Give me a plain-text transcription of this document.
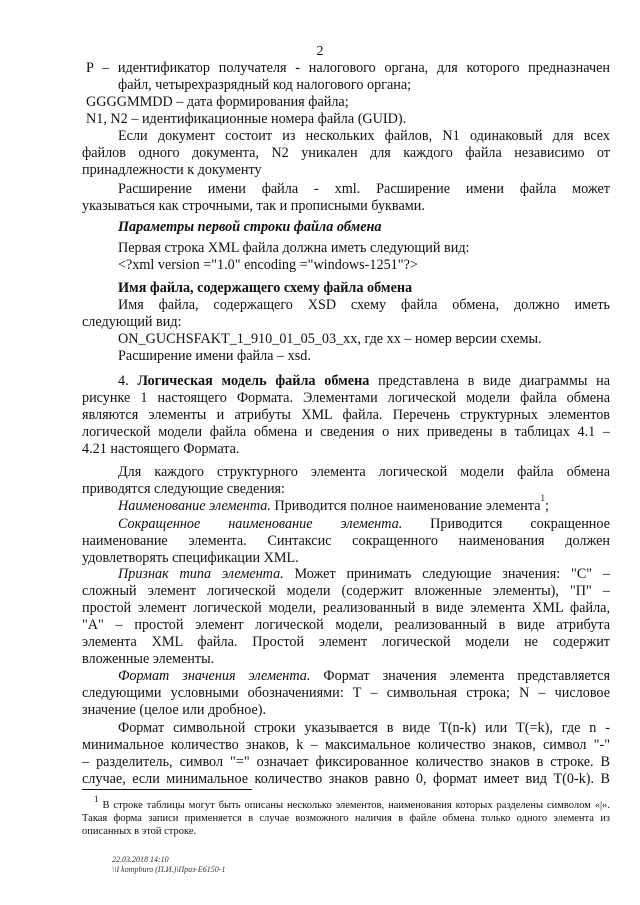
2
P – идентификатор получателя - налогового органа, для которого предназначен
файл, четырехразрядный код налогового органа;
GGGGMMDD – дата формирования файла;
N1, N2 – идентификационные номера файла (GUID).
Если документ состоит из нескольких файлов, N1 одинаковый для всех
файлов одного документа, N2 уникален для каждого файла независимо от
принадлежности к документу
Расширение имени файла - xml. Расширение имени файла может
указываться как строчными, так и прописными буквами.
Параметры первой строки файла обмена
Первая строка XML файла должна иметь следующий вид:
<?xml version ="1.0" encoding ="windows-1251"?>
Имя файла, содержащего схему файла обмена
Имя файла, содержащего XSD схему файла обмена, должно иметь
следующий вид:
ON_GUCHSFAKT_1_910_01_05_03_xx, где хх – номер версии схемы.
Расширение имени файла – xsd.
4. Логическая модель файла обмена представлена в виде диаграммы на
рисунке 1 настоящего Формата. Элементами логической модели файла обмена
являются элементы и атрибуты XML файла. Перечень структурных элементов
логической модели файла обмена и сведения о них приведены в таблицах 4.1 –
4.21 настоящего Формата.
Для каждого структурного элемента логической модели файла обмена
приводятся следующие сведения:
Наименование элемента. Приводится полное наименование элемента$^1$;
Сокращенное наименование элемента. Приводится сокращенное
наименование элемента. Синтаксис сокращенного наименования должен
удовлетворять спецификации XML.
Признак типа элемента. Может принимать следующие значения: "С" –
сложный элемент логической модели (содержит вложенные элементы), "П" –
простой элемент логической модели, реализованный в виде элемента XML файла,
"А" – простой элемент логической модели, реализованный в виде атрибута
элемента XML файла. Простой элемент логической модели не содержит
вложенные элементы.
Формат значения элемента. Формат значения элемента представляется
следующими условными обозначениями: Т – символьная строка; N – числовое
значение (целое или дробное).
Формат символьной строки указывается в виде Т(n-k) или Т(=k), где n -
минимальное количество знаков, k – максимальное количество знаков, символ "-"
– разделитель, символ "=" означает фиксированное количество знаков в строке. В
случае, если минимальное количество знаков равно 0, формат имеет вид Т(0-k). В
$^1$ В строке таблицы могут быть описаны несколько элементов, наименования которых разделены символом «|».
Такая форма записи применяется в случае возможного наличия в файле обмена только одного элемента из
описанных в этой строке.
22.03.2018 14:10
\\I kompburo (П.И.)\Приз-Е6150-1
